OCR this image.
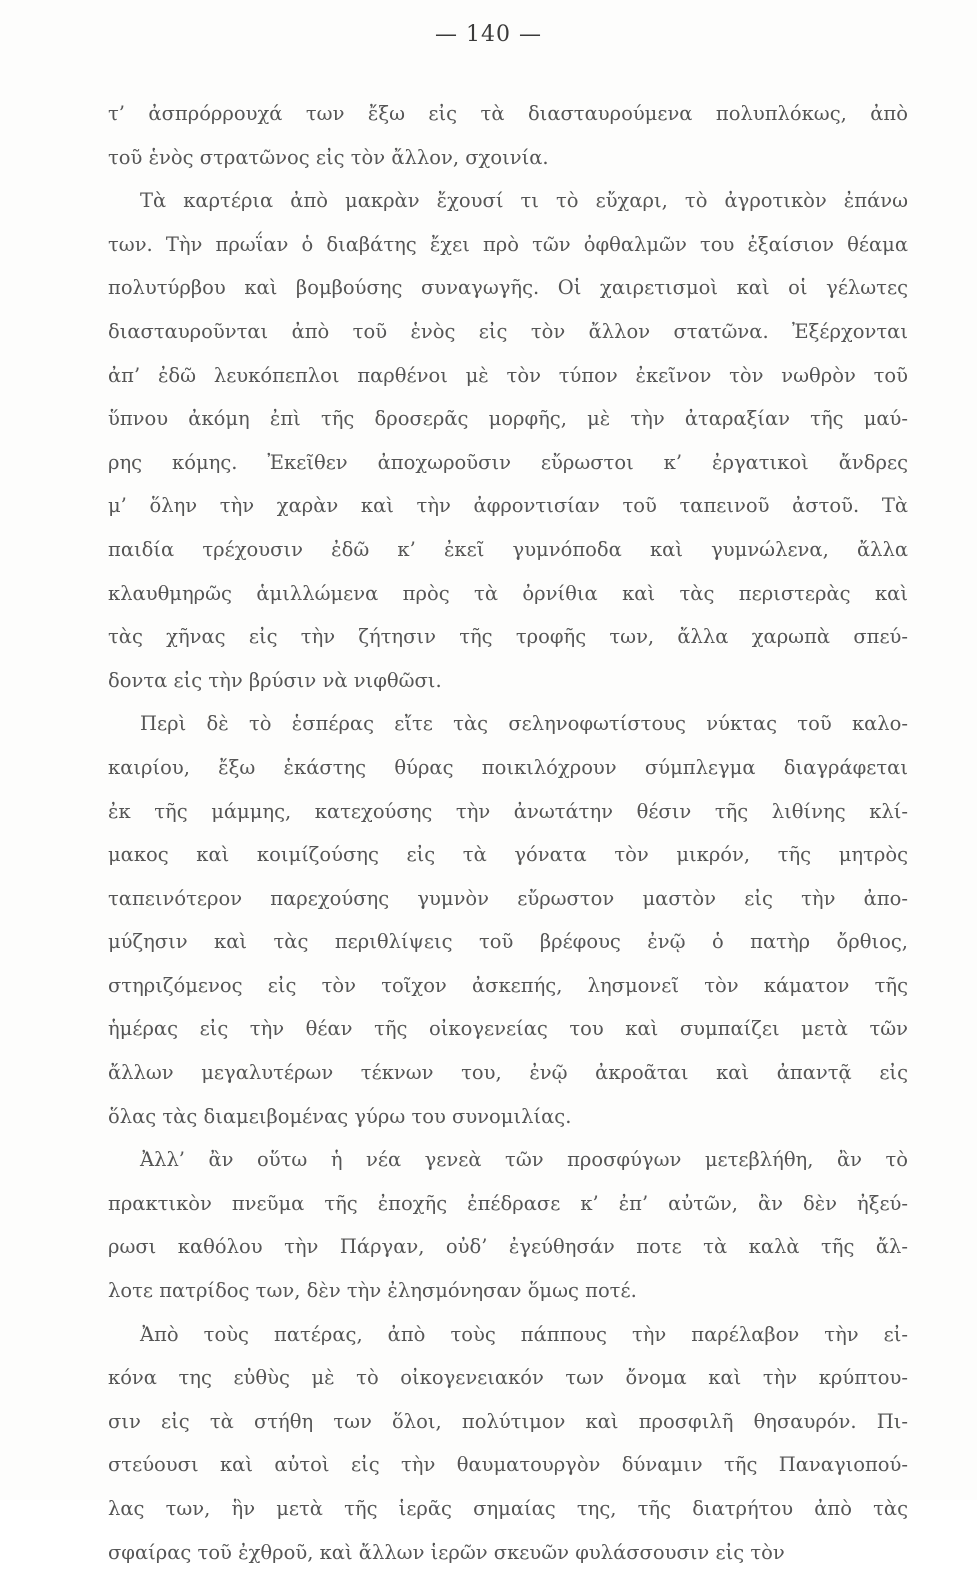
— 140 —
τ’ ἀσπρόρρουχά των ἔξω εἰς τὰ διασταυρούμενα πολυπλόκως, ἀπὸ
τοῦ ἑνὸς στρατῶνος εἰς τὸν ἄλλον, σχοινία.
Τὰ καρτέρια ἀπὸ μακρὰν ἔχουσί τι τὸ εὔχαρι, τὸ ἀγροτικὸν ἐπάνω
των. Τὴν πρωΐαν ὁ διαβάτης ἔχει πρὸ τῶν ὀφθαλμῶν του ἐξαίσιον θέαμα
πολυτύρβου καὶ βομβούσης συναγωγῆς. Οἱ χαιρετισμοὶ καὶ οἱ γέλωτες
διασταυροῦνται ἀπὸ τοῦ ἑνὸς εἰς τὸν ἄλλον στατῶνα. Ἐξέρχονται
ἀπ’ ἐδῶ λευκόπεπλοι παρθένοι μὲ τὸν τύπον ἐκεῖνον τὸν νωθρὸν τοῦ
ὕπνου ἀκόμη ἐπὶ τῆς δροσερᾶς μορφῆς, μὲ τὴν ἀταραξίαν τῆς μαύ-
ρης κόμης. Ἐκεῖθεν ἀποχωροῦσιν εὔρωστοι κ’ ἐργατικοὶ ἄνδρες
μ’ ὅλην τὴν χαρὰν καὶ τὴν ἀφροντισίαν τοῦ ταπεινοῦ ἀστοῦ. Τὰ
παιδία τρέχουσιν ἐδῶ κ’ ἐκεῖ γυμνόποδα καὶ γυμνώλενα, ἄλλα
κλαυθμηρῶς ἁμιλλώμενα πρὸς τὰ ὀρνίθια καὶ τὰς περιστερὰς καὶ
τὰς χῆνας εἰς τὴν ζήτησιν τῆς τροφῆς των, ἄλλα χαρωπὰ σπεύ-
δοντα εἰς τὴν βρύσιν νὰ νιφθῶσι.
Περὶ δὲ τὸ ἑσπέρας εἴτε τὰς σεληνοφωτίστους νύκτας τοῦ καλο-
καιρίου, ἔξω ἑκάστης θύρας ποικιλόχρουν σύμπλεγμα διαγράφεται
ἐκ τῆς μάμμης, κατεχούσης τὴν ἀνωτάτην θέσιν τῆς λιθίνης κλί-
μακος καὶ κοιμίζούσης εἰς τὰ γόνατα τὸν μικρόν, τῆς μητρὸς
ταπεινότερον παρεχούσης γυμνὸν εὔρωστον μαστὸν εἰς τὴν ἀπο-
μύζησιν καὶ τὰς περιθλίψεις τοῦ βρέφους ἐνῷ ὁ πατὴρ ὄρθιος,
στηριζόμενος εἰς τὸν τοῖχον ἀσκεπής, λησμονεῖ τὸν κάματον τῆς
ἡμέρας εἰς τὴν θέαν τῆς οἰκογενείας του καὶ συμπαίζει μετὰ τῶν
ἄλλων μεγαλυτέρων τέκνων του, ἐνῷ ἀκροᾶται καὶ ἀπαντᾷ εἰς
ὅλας τὰς διαμειβομένας γύρω του συνομιλίας.
Ἀλλ’ ἂν οὕτω ἡ νέα γενεὰ τῶν προσφύγων μετεβλήθη, ἂν τὸ
πρακτικὸν πνεῦμα τῆς ἐποχῆς ἐπέδρασε κ’ ἐπ’ αὐτῶν, ἂν δὲν ἠξεύ-
ρωσι καθόλου τὴν Πάργαν, οὐδ’ ἐγεύθησάν ποτε τὰ καλὰ τῆς ἄλ-
λοτε πατρίδος των, δὲν τὴν ἐλησμόνησαν ὅμως ποτέ.
Ἀπὸ τοὺς πατέρας, ἀπὸ τοὺς πάππους τὴν παρέλαβον τὴν εἰ-
κόνα της εὐθὺς μὲ τὸ οἰκογενειακόν των ὄνομα καὶ τὴν κρύπτου-
σιν εἰς τὰ στήθη των ὅλοι, πολύτιμον καὶ προσφιλῆ θησαυρόν. Πι-
στεύουσι καὶ αὐτοὶ εἰς τὴν θαυματουργὸν δύναμιν τῆς Παναγιοπού-
λας των, ἣν μετὰ τῆς ἱερᾶς σημαίας της, τῆς διατρήτου ἀπὸ τὰς
σφαίρας τοῦ ἐχθροῦ, καὶ ἄλλων ἱερῶν σκευῶν φυλάσσουσιν εἰς τὸν
